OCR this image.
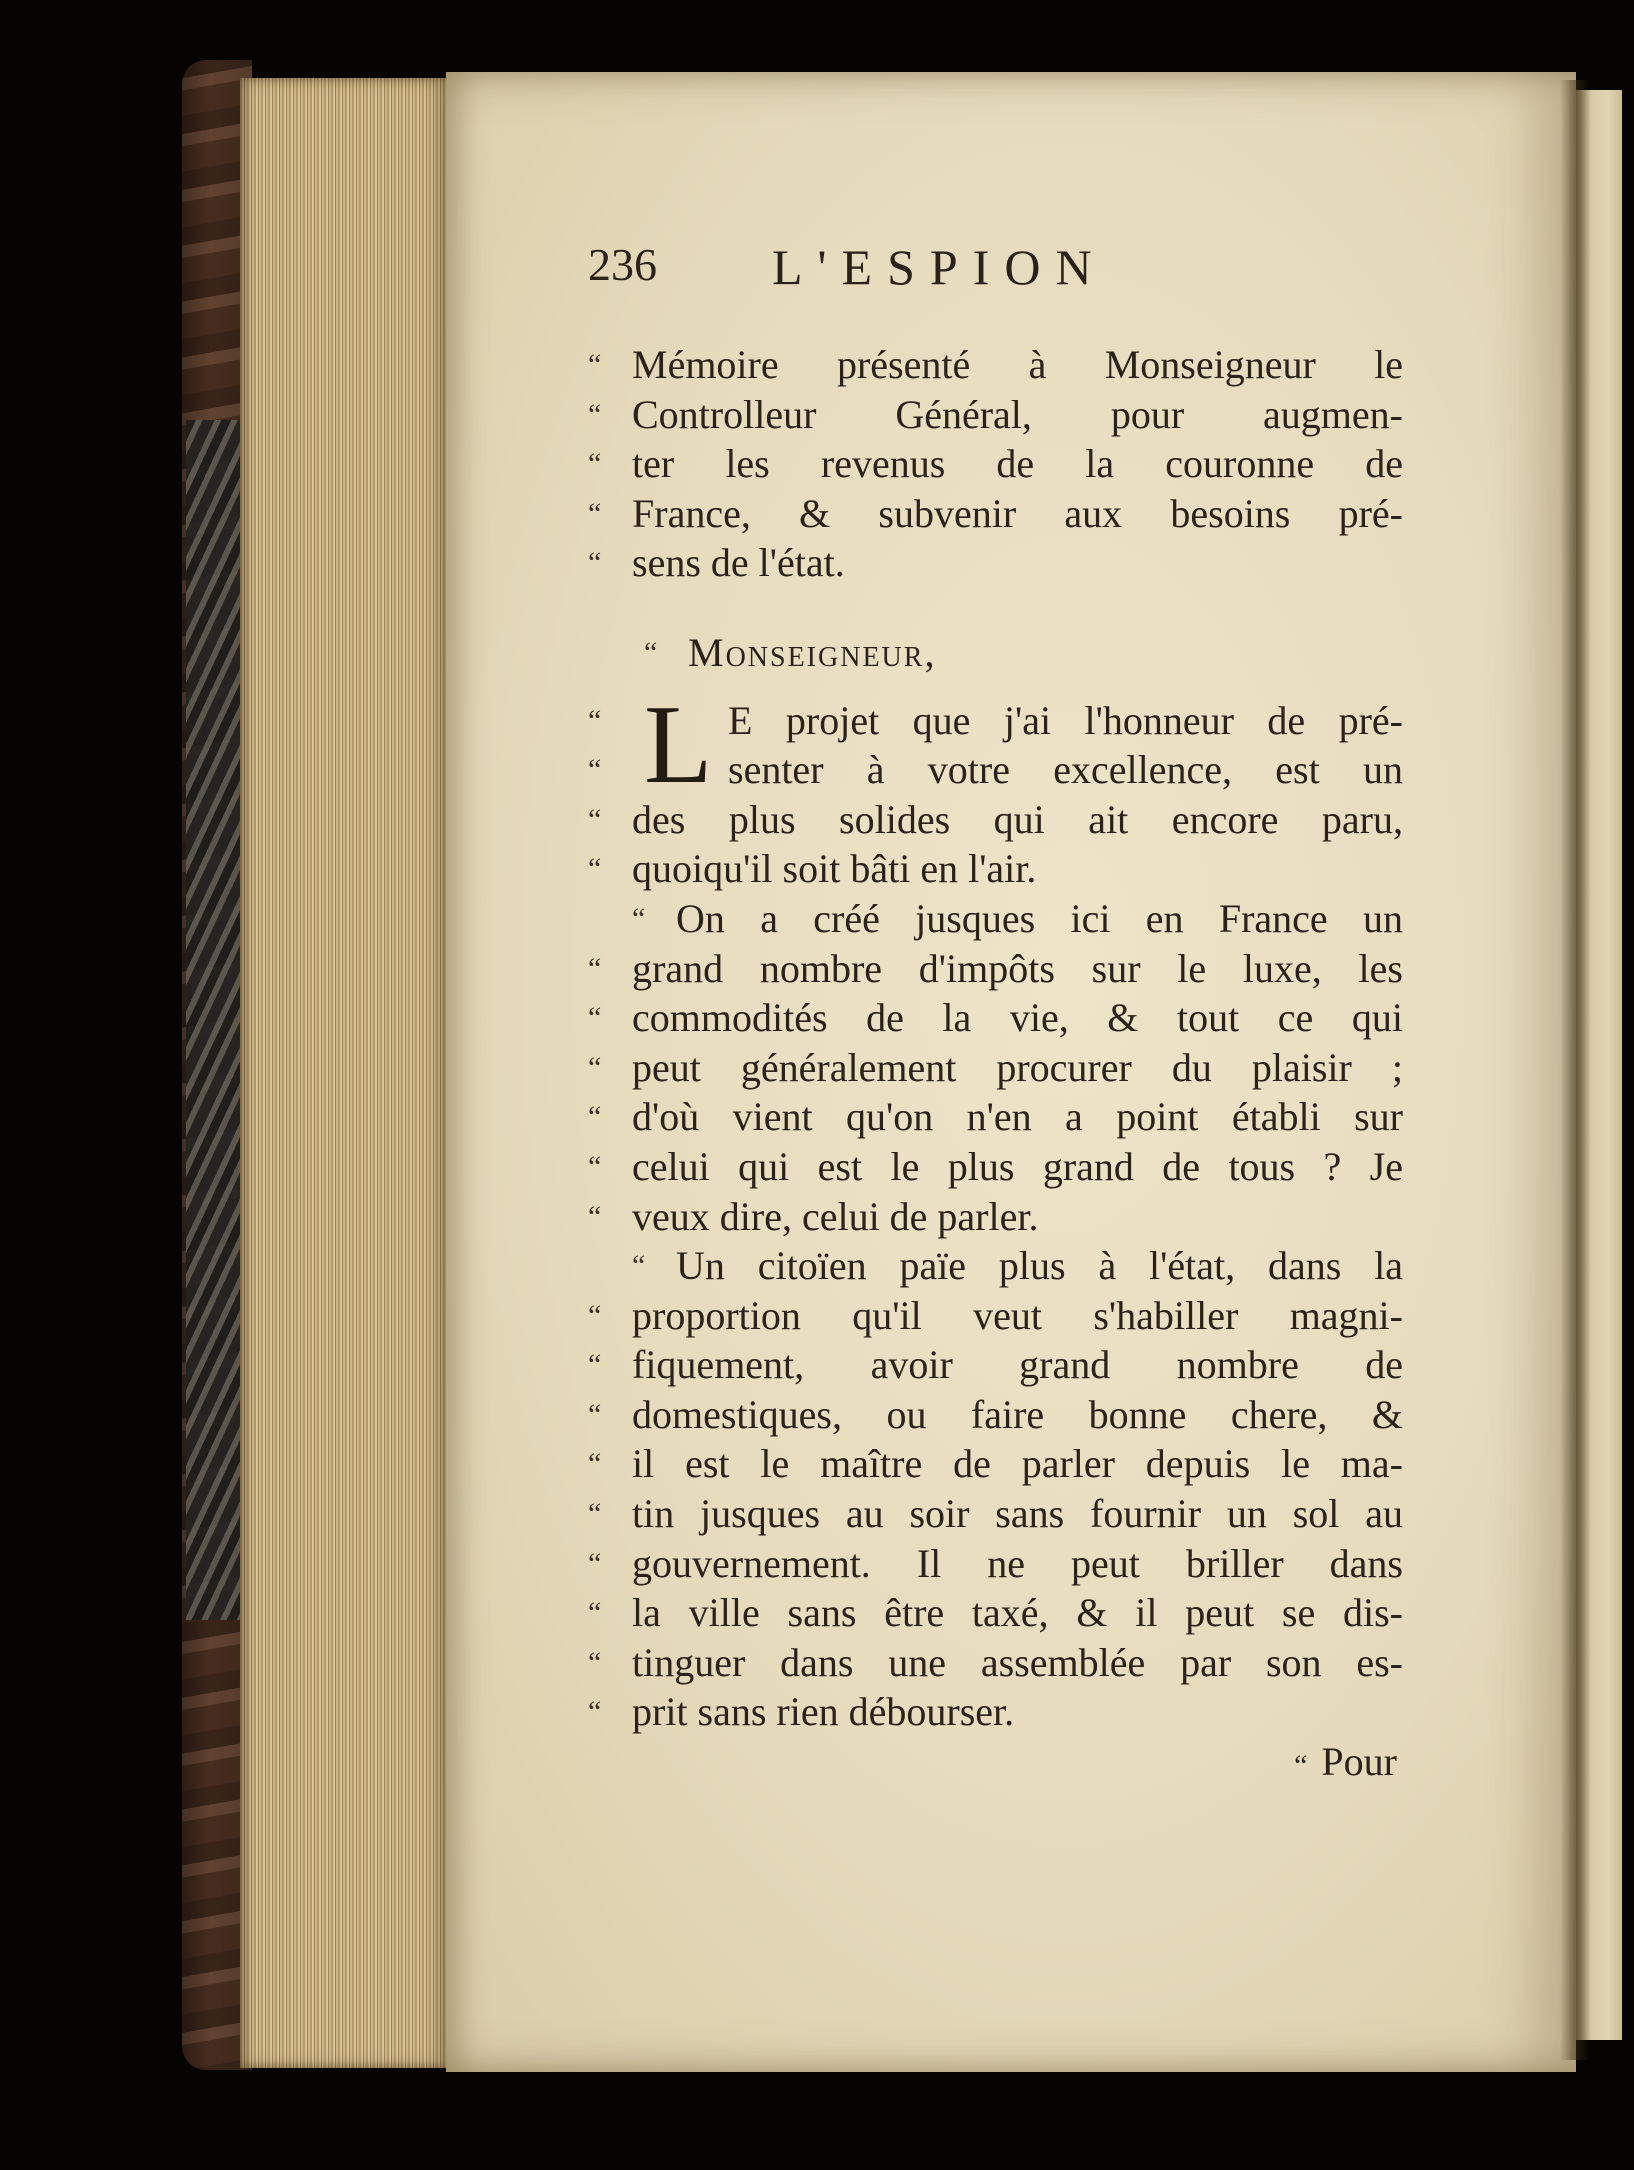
236 L'ESPION
“ Mémoire présenté à Monseigneur le
“ Controlleur Général, pour augmen-
“ ter les revenus de la couronne de
“ France, & subvenir aux besoins pré-
“ sens de l'état.
“ Monseigneur,
“ L E projet que j'ai l'honneur de pré-
“	senter à votre excellence, est un
“ des plus solides qui ait encore paru,
“ quoiqu'il soit bâti en l'air.
“ On a créé jusques ici en France un
“ grand nombre d'impôts sur le luxe, les
“ commodités de la vie, & tout ce qui
“ peut généralement procurer du plaisir ;
“ d'où vient qu'on n'en a point établi sur
“ celui qui est le plus grand de tous ? Je
“ veux dire, celui de parler.
“ Un citoïen païe plus à l'état, dans la
“ proportion qu'il veut s'habiller magni-
“ fiquement, avoir grand nombre de
“ domestiques, ou faire bonne chere, &
“ il est le maître de parler depuis le ma-
“ tin jusques au soir sans fournir un sol au
“ gouvernement. Il ne peut briller dans
“ la ville sans être taxé, & il peut se dis-
“ tinguer dans une assemblée par son es-
“ prit sans rien débourser.
“ Pour
